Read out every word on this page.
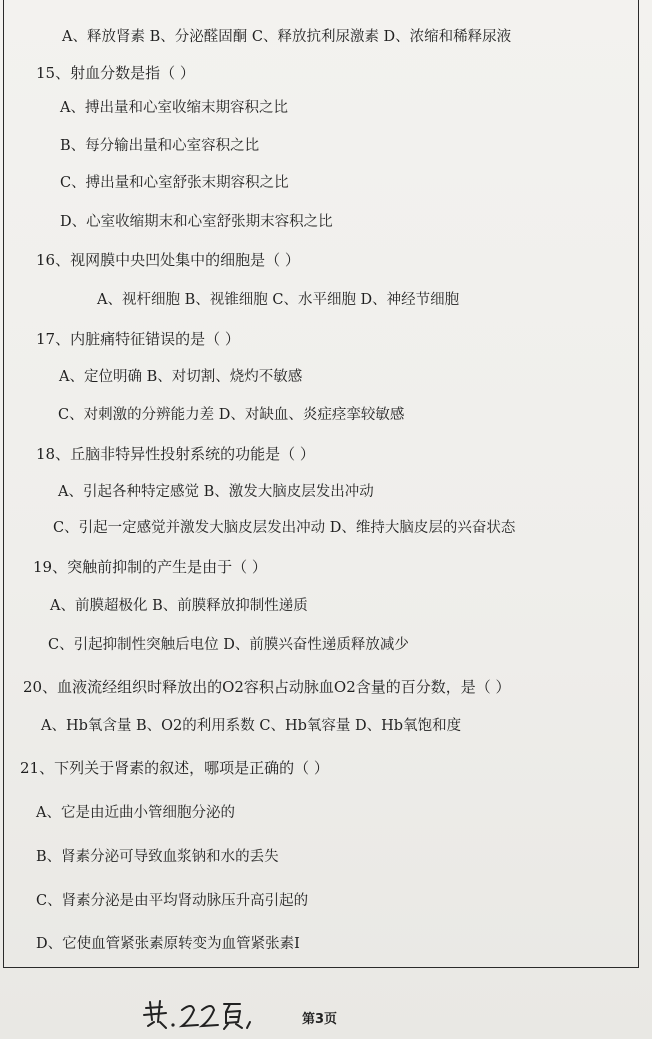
A、释放肾素 B、分泌醛固酮 C、释放抗利尿激素 D、浓缩和稀释尿液
15、射血分数是指（ ）
A、搏出量和心室收缩末期容积之比
B、每分输出量和心室容积之比
C、搏出量和心室舒张末期容积之比
D、心室收缩期末和心室舒张期末容积之比
16、视网膜中央凹处集中的细胞是（ ）
A、视杆细胞 B、视锥细胞 C、水平细胞 D、神经节细胞
17、内脏痛特征错误的是（ ）
A、定位明确 B、对切割、烧灼不敏感
C、对刺激的分辨能力差 D、对缺血、炎症痉挛较敏感
18、丘脑非特异性投射系统的功能是（ ）
A、引起各种特定感觉 B、激发大脑皮层发出冲动
C、引起一定感觉并激发大脑皮层发出冲动 D、维持大脑皮层的兴奋状态
19、突触前抑制的产生是由于（ ）
A、前膜超极化 B、前膜释放抑制性递质
C、引起抑制性突触后电位 D、前膜兴奋性递质释放减少
20、血液流经组织时释放出的O2容积占动脉血O2含量的百分数，是（ ）
A、Hb氧含量 B、O2的利用系数 C、Hb氧容量 D、Hb氧饱和度
21、下列关于肾素的叙述，哪项是正确的（ ）
A、它是由近曲小管细胞分泌的
B、肾素分泌可导致血浆钠和水的丢失
C、肾素分泌是由平均肾动脉压升高引起的
D、它使血管紧张素原转变为血管紧张素I
第3页
